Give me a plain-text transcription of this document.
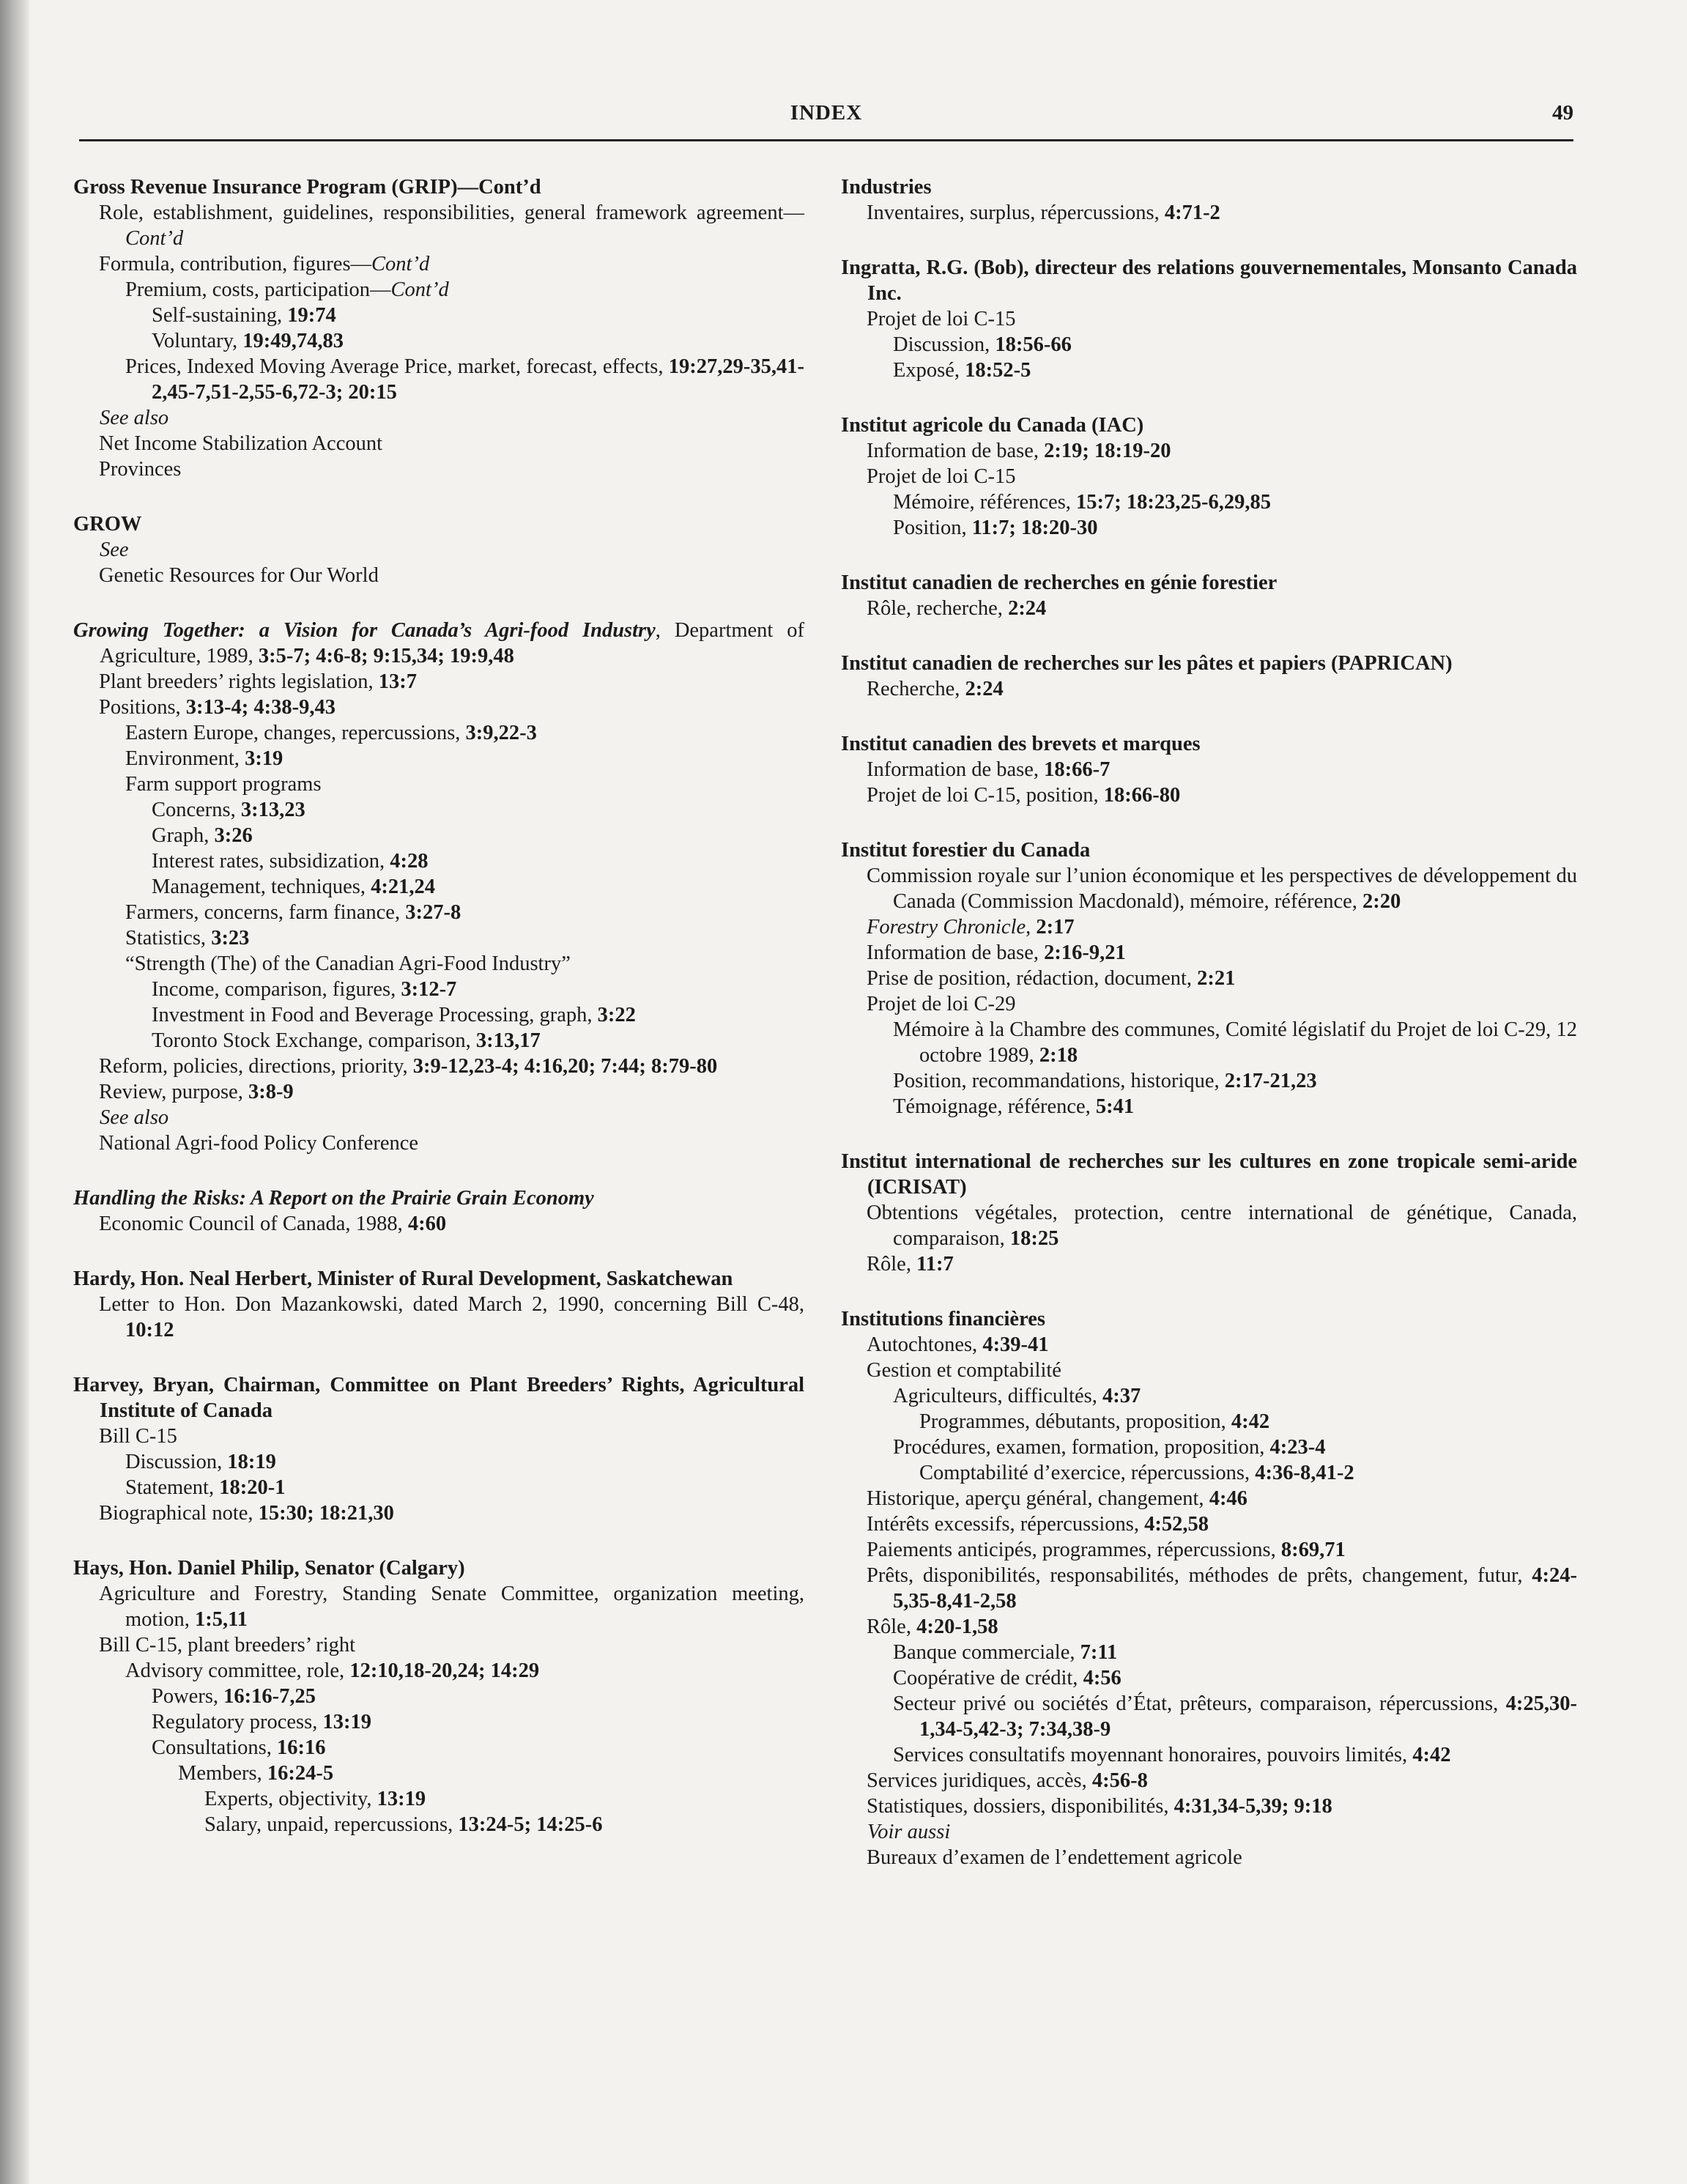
INDEX	49
Gross Revenue Insurance Program (GRIP)—Cont’d
Role, establishment, guidelines, responsibilities, general framework agreement—Cont’d
Formula, contribution, figures—Cont’d
Premium, costs, participation—Cont’d
Self-sustaining, 19:74
Voluntary, 19:49,74,83
Prices, Indexed Moving Average Price, market, forecast, effects, 19:27,29-35,41-2,45-7,51-2,55-6,72-3; 20:15
See also
Net Income Stabilization Account
Provinces
GROW
See
Genetic Resources for Our World
Growing Together: a Vision for Canada’s Agri-food Industry, Department of Agriculture, 1989, 3:5-7; 4:6-8; 9:15,34; 19:9,48
Plant breeders’ rights legislation, 13:7
Positions, 3:13-4; 4:38-9,43
Eastern Europe, changes, repercussions, 3:9,22-3
Environment, 3:19
Farm support programs
Concerns, 3:13,23
Graph, 3:26
Interest rates, subsidization, 4:28
Management, techniques, 4:21,24
Farmers, concerns, farm finance, 3:27-8
Statistics, 3:23
“Strength (The) of the Canadian Agri-Food Industry”
Income, comparison, figures, 3:12-7
Investment in Food and Beverage Processing, graph, 3:22
Toronto Stock Exchange, comparison, 3:13,17
Reform, policies, directions, priority, 3:9-12,23-4; 4:16,20; 7:44; 8:79-80
Review, purpose, 3:8-9
See also
National Agri-food Policy Conference
Handling the Risks: A Report on the Prairie Grain Economy
Economic Council of Canada, 1988, 4:60
Hardy, Hon. Neal Herbert, Minister of Rural Development, Saskatchewan
Letter to Hon. Don Mazankowski, dated March 2, 1990, concerning Bill C-48, 10:12
Harvey, Bryan, Chairman, Committee on Plant Breeders’ Rights, Agricultural Institute of Canada
Bill C-15
Discussion, 18:19
Statement, 18:20-1
Biographical note, 15:30; 18:21,30
Hays, Hon. Daniel Philip, Senator (Calgary)
Agriculture and Forestry, Standing Senate Committee, organization meeting, motion, 1:5,11
Bill C-15, plant breeders’ right
Advisory committee, role, 12:10,18-20,24; 14:29
Powers, 16:16-7,25
Regulatory process, 13:19
Consultations, 16:16
Members, 16:24-5
Experts, objectivity, 13:19
Salary, unpaid, repercussions, 13:24-5; 14:25-6
Industries
Inventaires, surplus, répercussions, 4:71-2
Ingratta, R.G. (Bob), directeur des relations gouvernementales, Monsanto Canada Inc.
Projet de loi C-15
Discussion, 18:56-66
Exposé, 18:52-5
Institut agricole du Canada (IAC)
Information de base, 2:19; 18:19-20
Projet de loi C-15
Mémoire, références, 15:7; 18:23,25-6,29,85
Position, 11:7; 18:20-30
Institut canadien de recherches en génie forestier
Rôle, recherche, 2:24
Institut canadien de recherches sur les pâtes et papiers (PAPRICAN)
Recherche, 2:24
Institut canadien des brevets et marques
Information de base, 18:66-7
Projet de loi C-15, position, 18:66-80
Institut forestier du Canada
Commission royale sur l’union économique et les perspectives de développement du Canada (Commission Macdonald), mémoire, référence, 2:20
Forestry Chronicle, 2:17
Information de base, 2:16-9,21
Prise de position, rédaction, document, 2:21
Projet de loi C-29
Mémoire à la Chambre des communes, Comité législatif du Projet de loi C-29, 12 octobre 1989, 2:18
Position, recommandations, historique, 2:17-21,23
Témoignage, référence, 5:41
Institut international de recherches sur les cultures en zone tropicale semi-aride (ICRISAT)
Obtentions végétales, protection, centre international de génétique, Canada, comparaison, 18:25
Rôle, 11:7
Institutions financières
Autochtones, 4:39-41
Gestion et comptabilité
Agriculteurs, difficultés, 4:37
Programmes, débutants, proposition, 4:42
Procédures, examen, formation, proposition, 4:23-4
Comptabilité d’exercice, répercussions, 4:36-8,41-2
Historique, aperçu général, changement, 4:46
Intérêts excessifs, répercussions, 4:52,58
Paiements anticipés, programmes, répercussions, 8:69,71
Prêts, disponibilités, responsabilités, méthodes de prêts, changement, futur, 4:24-5,35-8,41-2,58
Rôle, 4:20-1,58
Banque commerciale, 7:11
Coopérative de crédit, 4:56
Secteur privé ou sociétés d’État, prêteurs, comparaison, répercussions, 4:25,30-1,34-5,42-3; 7:34,38-9
Services consultatifs moyennant honoraires, pouvoirs limités, 4:42
Services juridiques, accès, 4:56-8
Statistiques, dossiers, disponibilités, 4:31,34-5,39; 9:18
Voir aussi
Bureaux d’examen de l’endettement agricole
